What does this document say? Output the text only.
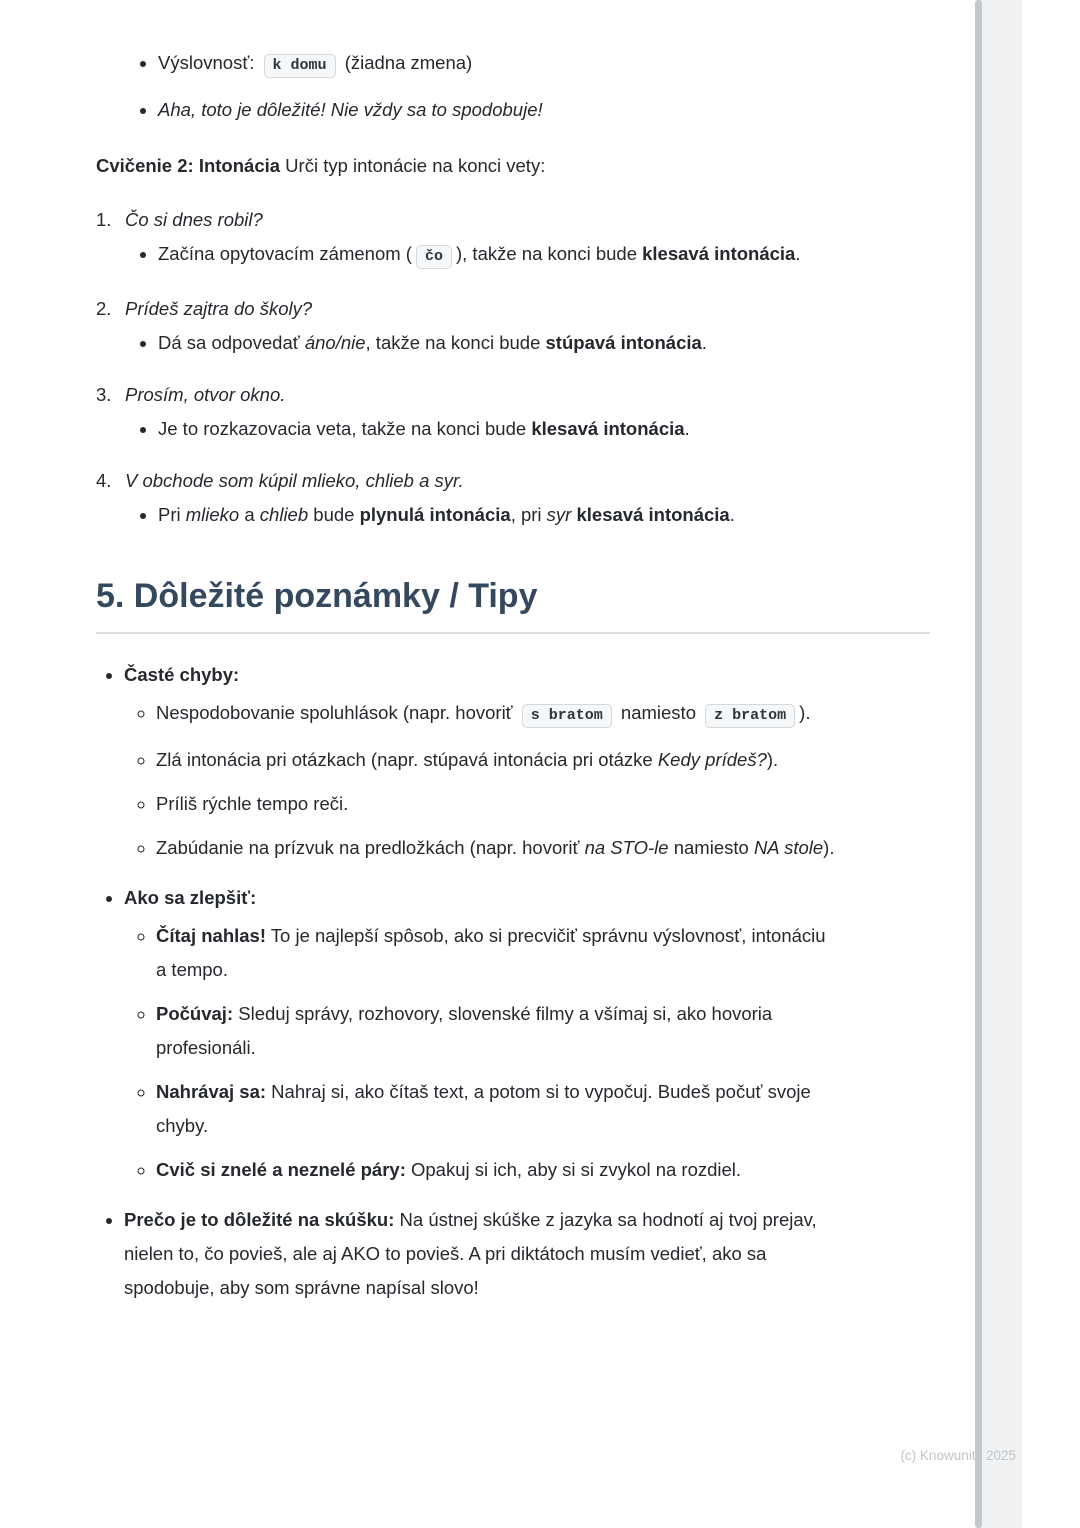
• Výslovnosť: k domu (žiadna zmena)
• Aha, toto je dôležité! Nie vždy sa to spodobuje!

Cvičenie 2: Intonácia Urči typ intonácie na konci vety:

1. Čo si dnes robil?
• Začína opytovacím zámenom ( čo ), takže na konci bude klesavá intonácia.
2. Prídeš zajtra do školy?
• Dá sa odpovedať áno/nie, takže na konci bude stúpavá intonácia.
3. Prosím, otvor okno.
• Je to rozkazovacia veta, takže na konci bude klesavá intonácia.
4. V obchode som kúpil mlieko, chlieb a syr.
• Pri mlieko a chlieb bude plynulá intonácia, pri syr klesavá intonácia.
5. Dôležité poznámky / Tipy
• Časté chyby:
◦ Nespodobovanie spoluhlások (napr. hovoriť s bratom namiesto z bratom ).
◦ Zlá intonácia pri otázkach (napr. stúpavá intonácia pri otázke Kedy prídeš?).
◦ Príliš rýchle tempo reči.
◦ Zabúdanie na prízvuk na predložkách (napr. hovoriť na STO-le namiesto NA stole).
• Ako sa zlepšiť:
◦ Čítaj nahlas! To je najlepší spôsob, ako si precvičiť správnu výslovnosť, intonáciu a tempo.
◦ Počúvaj: Sleduj správy, rozhovory, slovenské filmy a všímaj si, ako hovoria profesionáli.
◦ Nahrávaj sa: Nahraj si, ako čítaš text, a potom si to vypočuj. Budeš počuť svoje chyby.
◦ Cvič si znelé a neznelé páry: Opakuj si ich, aby si si zvykol na rozdiel.
• Prečo je to dôležité na skúšku: Na ústnej skúške z jazyka sa hodnotí aj tvoj prejav, nielen to, čo povieš, ale aj AKO to povieš. A pri diktátoch musím vedieť, ako sa spodobuje, aby som správne napísal slovo!
(c) Knowunity 2025
